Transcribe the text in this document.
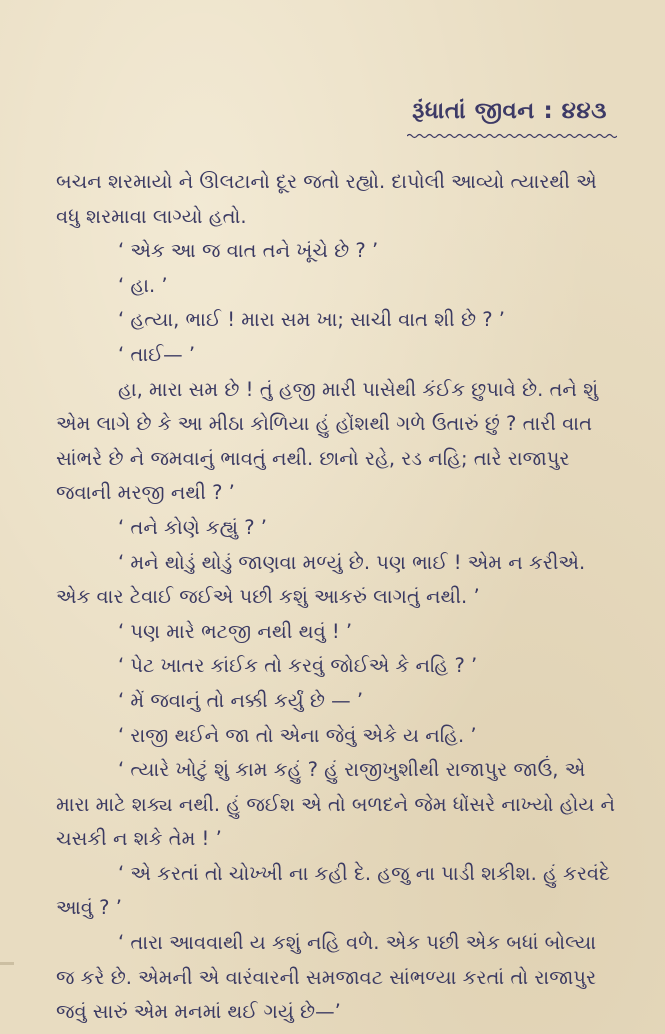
રૂંધાતાં જીવન : ૪૪૩

બચન શરમાયો ને ઊલટાનો દૂર જતો રહ્યો. દાપોલી આવ્યો ત્યારથી એ વધુ શરમાવા લાગ્યો હતો.

‘ એક આ જ વાત તને ખૂંચે છે ? ’

‘ હા. ’

‘ હત્યા, ભાઈ ! મારા સમ ખા; સાચી વાત શી છે ? ’

‘ તાઈ— ’

હા, મારા સમ છે ! તું હજી મારી પાસેથી કંઈક છુપાવે છે. તને શું એમ લાગે છે કે આ મીઠા કોળિયા હું હોંશથી ગળે ઉતારું છું ? તારી વાત સાંભરે છે ને જમવાનું ભાવતું નથી. છાનો રહે, રડ નહિ; તારે રાજાપુર જવાની મરજી નથી ? ’

‘ તને કોણે કહ્યું ? ’

‘ મને થોડું થોડું જાણવા મળ્યું છે. પણ ભાઈ ! એમ ન કરીએ. એક વાર ટેવાઈ જઈએ પછી કશું આકરું લાગતું નથી. ’

‘ પણ મારે ભટજી નથી થવું ! ’

‘ પેટ ખાતર કાંઈક તો કરવું જોઈએ કે નહિ ? ’

‘ મેં જવાનું તો નક્કી કર્યું છે — ’

‘ રાજી થઈને જા તો એના જેવું એકે ય નહિ. ’

‘ ત્યારે ખોટું શું કામ કહું ? હું રાજીખુશીથી રાજાપુર જાઉં, એ મારા માટે શક્ય નથી. હું જઈશ એ તો બળદને જેમ ધોંસરે નાખ્યો હોય ને ચસકી ન શકે તેમ ! ’

‘ એ કરતાં તો ચોખ્ખી ના કહી દે. હજુ ના પાડી શકીશ. હું કરવંદે આવું ? ’

‘ તારા આવવાથી ય કશું નહિ વળે. એક પછી એક બધાં બોલ્યા જ કરે છે. એમની એ વારંવારની સમજાવટ સાંભળ્યા કરતાં તો રાજાપુર જવું સારું એમ મનમાં થઈ ગયું છે—’
